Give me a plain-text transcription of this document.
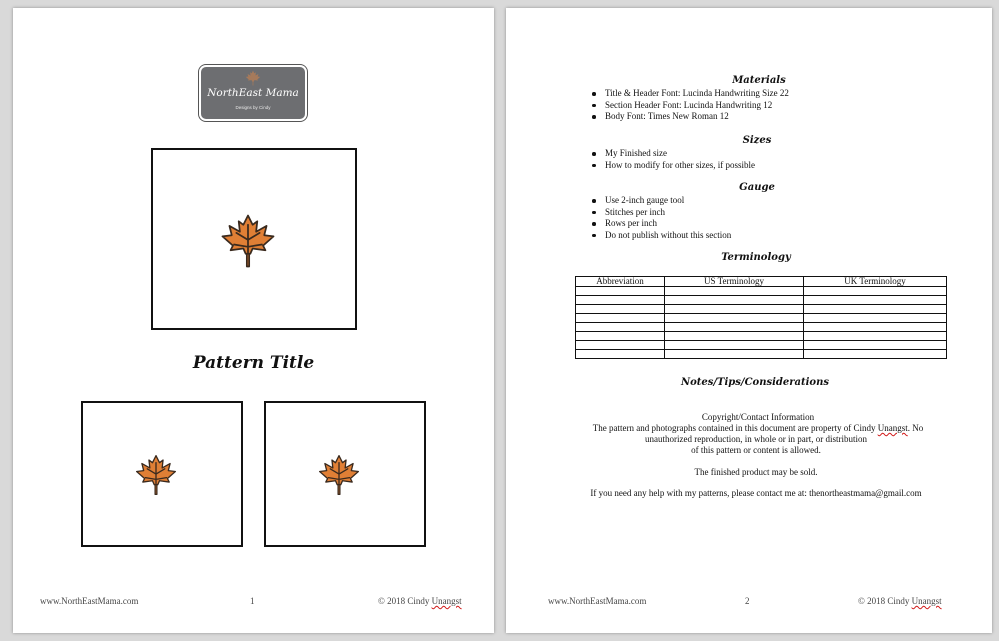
NorthEast Mama
Designs by Cindy
Pattern Title
www.NorthEastMama.com	1	© 2018 Cindy Unangst
Materials
Title & Header Font: Lucinda Handwriting Size 22
Section Header Font: Lucinda Handwriting 12
Body Font: Times New Roman 12
Sizes
My Finished size
How to modify for other sizes, if possible
Gauge
Use 2-inch gauge tool
Stitches per inch
Rows per inch
Do not publish without this section
Terminology
Abbreviation	US Terminology	UK Terminology

Notes/Tips/Considerations
Copyright/Contact Information
The pattern and photographs contained in this document are property of Cindy Unangst. No
unauthorized reproduction, in whole or in part, or distribution
of this pattern or content is allowed.
The finished product may be sold.
If you need any help with my patterns, please contact me at: thenortheastmama@gmail.com
www.NorthEastMama.com	2	© 2018 Cindy Unangst
